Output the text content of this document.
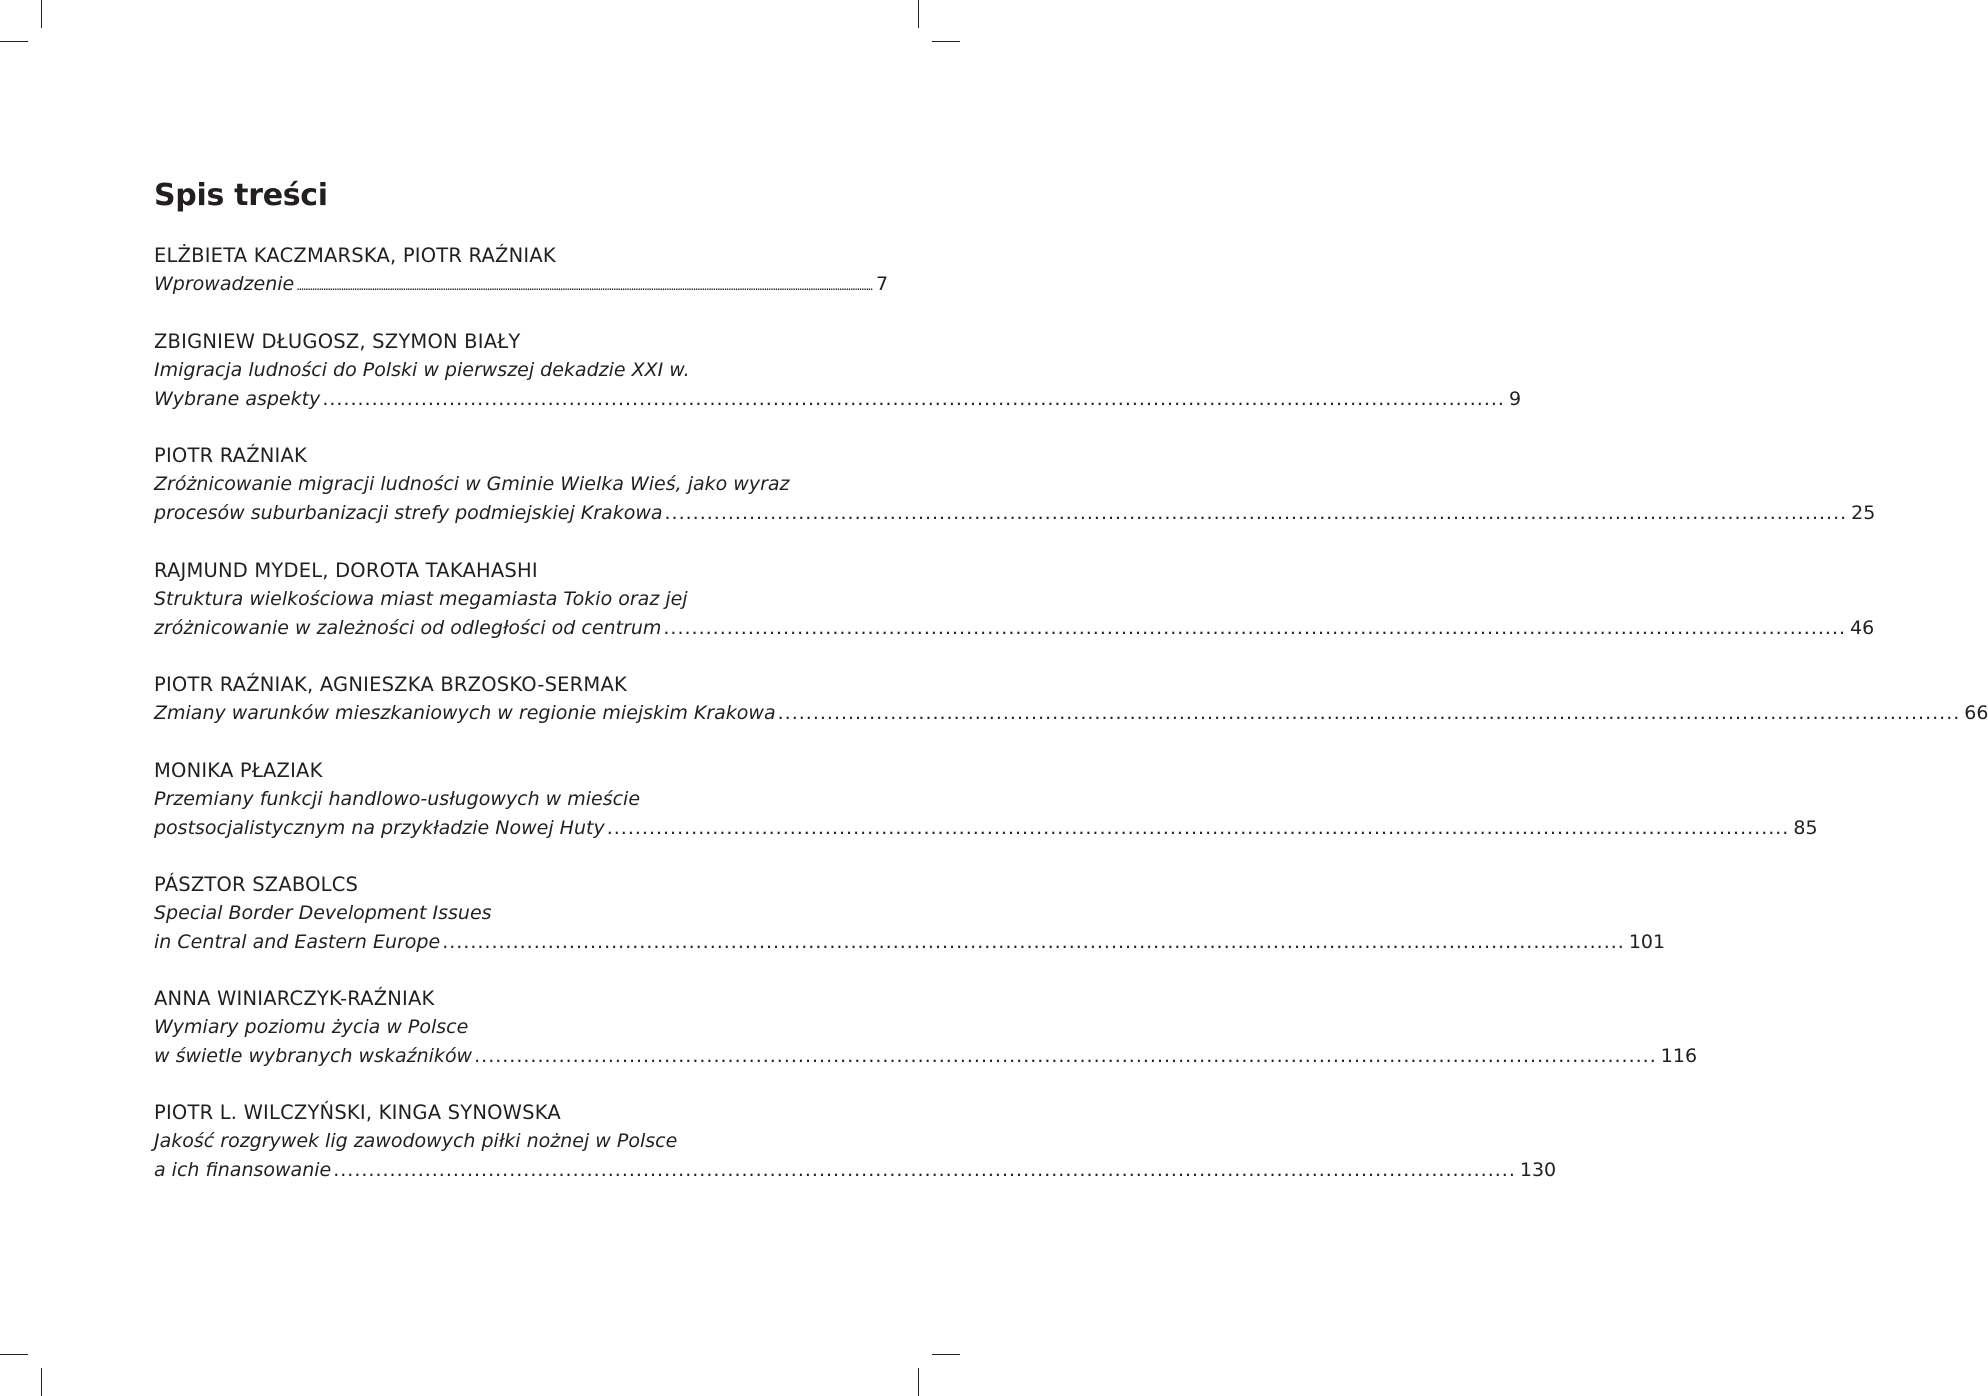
Spis treści
ELŻBIETA KACZMARSKA, PIOTR RAŹNIAK
Wprowadzenie .................................................................................................................................................................................................................................................................... 7
ZBIGNIEW DŁUGOSZ, SZYMON BIAŁY
Imigracja ludności do Polski w pierwszej dekadzie XXI w.
Wybrane aspekty ........................................................................................................................................................................ 9
PIOTR RAŹNIAK
Zróżnicowanie migracji ludności w Gminie Wielka Wieś, jako wyraz
procesów suburbanizacji strefy podmiejskiej Krakowa ........................................................................................................................................................................ 25
RAJMUND MYDEL, DOROTA TAKAHASHI
Struktura wielkościowa miast megamiasta Tokio oraz jej
zróżnicowanie w zależności od odległości od centrum ........................................................................................................................................................................ 46
PIOTR RAŹNIAK, AGNIESZKA BRZOSKO-SERMAK
Zmiany warunków mieszkaniowych w regionie miejskim Krakowa ........................................................................................................................................................................ 66
MONIKA PŁAZIAK
Przemiany funkcji handlowo-usługowych w mieście
postsocjalistycznym na przykładzie Nowej Huty ........................................................................................................................................................................ 85
PÁSZTOR SZABOLCS
Special Border Development Issues
in Central and Eastern Europe ........................................................................................................................................................................ 101
ANNA WINIARCZYK-RAŹNIAK
Wymiary poziomu życia w Polsce
w świetle wybranych wskaźników ........................................................................................................................................................................ 116
PIOTR L. WILCZYŃSKI, KINGA SYNOWSKA
Jakość rozgrywek lig zawodowych piłki nożnej w Polsce
a ich finansowanie ........................................................................................................................................................................ 130
